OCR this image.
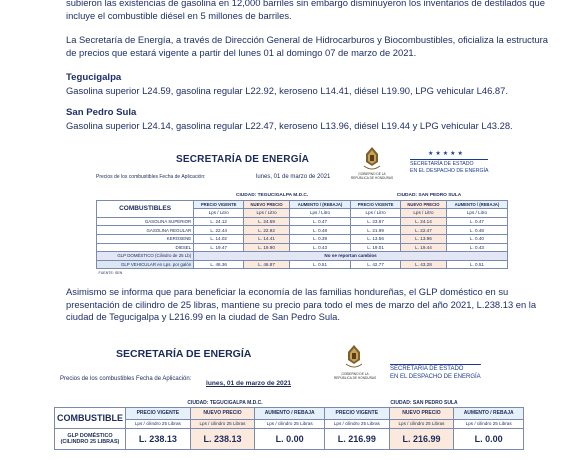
subieron las existencias de gasolina en 12,000 barriles sin embargo disminuyeron los inventarios de destilados que
incluye el combustible diésel en 5 millones de barriles.
La Secretaría de Energía, a través de Dirección General de Hidrocarburos y Biocombustibles, oficializa la estructura
de precios que estará vigente a partir del lunes 01 al domingo 07 de marzo de 2021.
Tegucigalpa
Gasolina superior L24.59, gasolina regular L22.92, keroseno L14.41, diésel L19.90, LPG vehicular L46.87.
San Pedro Sula
Gasolina superior L24.14, gasolina regular L22.47, keroseno L13.96, diésel L19.44 y LPG vehicular L43.28.
SECRETARÍA DE ENERGÍA
Precios de los combustibles Fecha de Aplicación:	lunes, 01 de marzo de 2021	GOBIERNO DE LA
REPÚBLICA DE HONDURAS
★★★★★
SECRETARÍA DE ESTADO
EN EL DESPACHO DE ENERGÍA
	CIUDAD: TEGUCIGALPA M.D.C.			CIUDAD: SAN PEDRO SULA		
COMBUSTIBLES	PRECIO VIGENTE	NUEVO PRECIO	AUMENTO / (REBAJA)	PRECIO VIGENTE	NUEVO PRECIO	AUMENTO / (REBAJA)
	Lps / Litro	Lps / Litro	Lps / Litro	Lps / Litro	Lps / Litro	Lps / Litro
GASOLINA SUPERIOR	L. 24.12	L. 24.59	L. 0.47	L. 23.67	L. 24.14	L. 0.47
GASOLINA REGULAR	L. 22.44	L. 22.92	L. 0.48	L. 21.99	L. 22.47	L. 0.48
KEROSENE	L. 14.02	L. 14.41	L. 0.39	L. 13.56	L. 13.96	L. 0.40
DIESEL	L. 19.47	L. 19.90	L. 0.43	L. 19.01	L. 19.44	L. 0.43
GLP DOMÉSTICO (Cilindro de 25 Lb)	No se reportan cambios					
GLP VEHICULAR en Lps. por galón	L. 46.36	L. 46.87	L. 0.51	L. 42.77	L. 43.28	L. 0.51
FUENTE: SEN						
Asimismo se informa que para beneficiar la economía de las familias hondureñas, el GLP doméstico en su
presentación de cilindro de 25 libras, mantiene su precio para todo el mes de marzo del año 2021, L.238.13 en la
ciudad de Tegucigalpa y L216.99 en la ciudad de San Pedro Sula.
SECRETARÍA DE ENERGÍA
Precios de los combustibles Fecha de Aplicación:
lunes, 01 de marzo de 2021
GOBIERNO DE LA
REPÚBLICA DE HONDURAS
SECRETARÍA DE ESTADO
EN EL DESPACHO DE ENERGÍA
	CIUDAD: TEGUCIGALPA M.D.C.			CIUDAD: SAN PEDRO SULA		
COMBUSTIBLE	PRECIO VIGENTE	NUEVO PRECIO	AUMENTO / REBAJA	PRECIO VIGENTE	NUEVO PRECIO	AUMENTO / REBAJA
	Lps / cilindro 25 Libras	Lps / cilindro 25 Libras	Lps / cilindro 25 Libras	Lps / cilindro 25 Libras	Lps / cilindro 25 Libras	Lps / cilindro 25 Libras
GLP DOMÉSTICO (CILINDRO 25 LIBRAS)	L. 238.13	L. 238.13	L. 0.00	L. 216.99	L. 216.99	L. 0.00
